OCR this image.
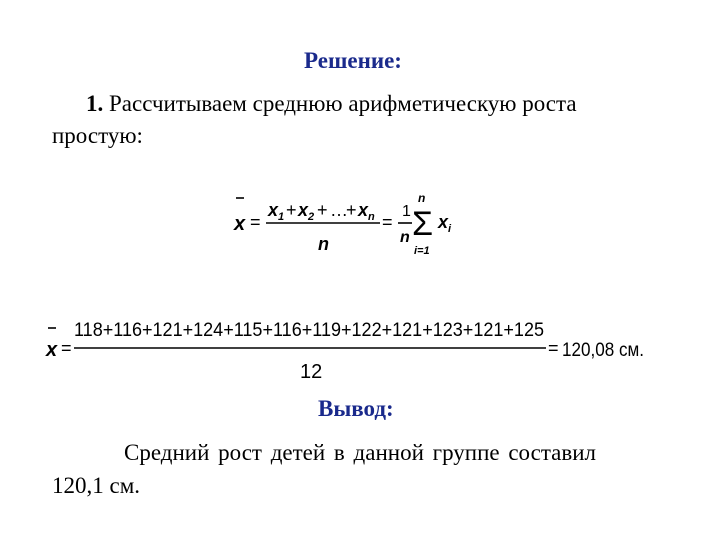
Решение:
1. Рассчитываем среднюю арифметическую роста
простую:
x =
x 1 + x 2 + …
+ x n
n
=
1
n
n
Σ
i=1
x i
x =
118+116+121+124+115+116+119+122+121+123+121+125
12
= 120,08 см.
Вывод:
Средний рост детей в данной группе составил
120,1 см.
